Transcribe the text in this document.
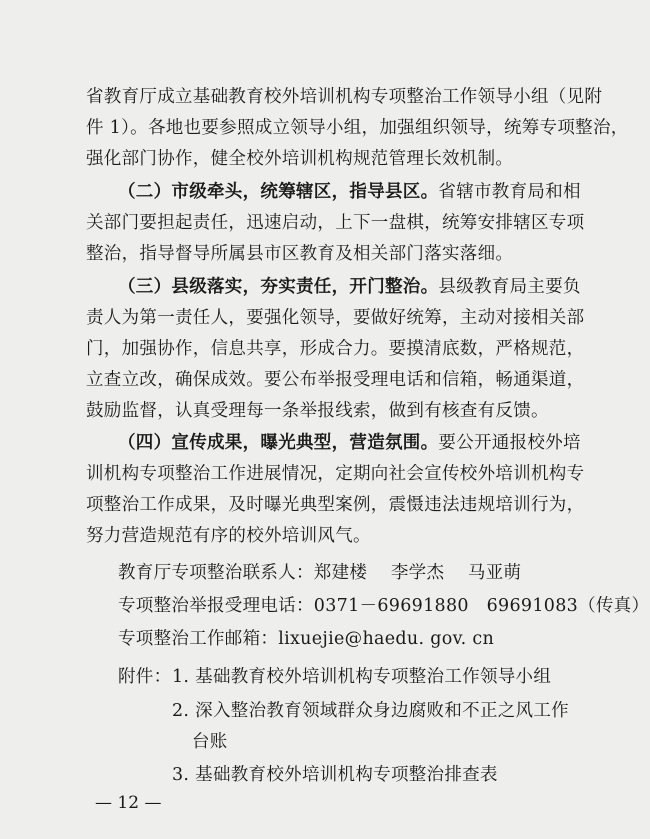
省教育厅成立基础教育校外培训机构专项整治工作领导小组（见附
件 1）。各地也要参照成立领导小组，加强组织领导，统筹专项整治，
强化部门协作，健全校外培训机构规范管理长效机制。
（二）市级牵头，统筹辖区，指导县区。省辖市教育局和相
关部门要担起责任，迅速启动，上下一盘棋，统筹安排辖区专项
整治，指导督导所属县市区教育及相关部门落实落细。
（三）县级落实，夯实责任，开门整治。县级教育局主要负
责人为第一责任人，要强化领导，要做好统筹，主动对接相关部
门，加强协作，信息共享，形成合力。要摸清底数，严格规范，
立查立改，确保成效。要公布举报受理电话和信箱，畅通渠道，
鼓励监督，认真受理每一条举报线索，做到有核查有反馈。
（四）宣传成果，曝光典型，营造氛围。要公开通报校外培
训机构专项整治工作进展情况，定期向社会宣传校外培训机构专
项整治工作成果，及时曝光典型案例，震慑违法违规培训行为，
努力营造规范有序的校外培训风气。
教育厅专项整治联系人：郑建楼　 李学杰　 马亚萌
专项整治举报受理电话：0371－69691880　69691083（传真）
专项整治工作邮箱：lixuejie@haedu. gov. cn
附件： 1. 基础教育校外培训机构专项整治工作领导小组
2. 深入整治教育领域群众身边腐败和不正之风工作
台账
3. 基础教育校外培训机构专项整治排查表
— 12 —
